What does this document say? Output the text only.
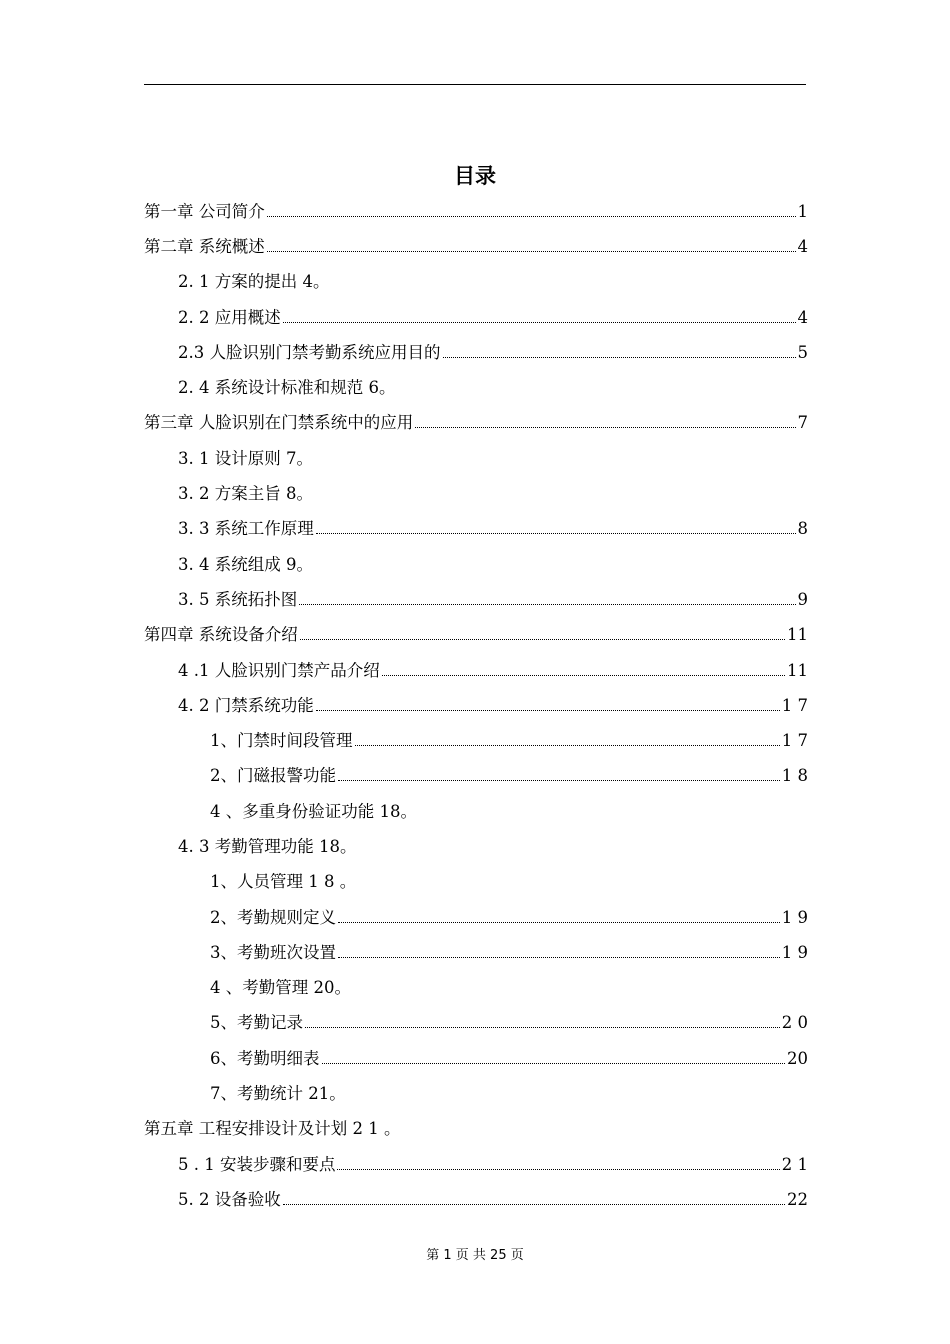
目录
第一章 公司简介	1
第二章 系统概述	4
2. 1 方案的提出 4。
2. 2 应用概述	4
2.3 人脸识别门禁考勤系统应用目的	5
2. 4 系统设计标准和规范 6。
第三章 人脸识别在门禁系统中的应用	7
3. 1 设计原则 7。
3. 2 方案主旨 8。
3. 3 系统工作原理	8
3. 4 系统组成 9。
3. 5 系统拓扑图	9
第四章 系统设备介绍	11
4 .1 人脸识别门禁产品介绍	11
4. 2 门禁系统功能	1 7
1、门禁时间段管理	1 7
2、门磁报警功能	1 8
4 、多重身份验证功能 18。
4. 3 考勤管理功能 18。
1、人员管理 1 8 。
2、考勤规则定义	1 9
3、考勤班次设置	1 9
4 、考勤管理 20。
5、考勤记录	2 0
6、考勤明细表	20
7、考勤统计 21。
第五章 工程安排设计及计划 2 1 。
5 . 1 安装步骤和要点	2 1
5. 2 设备验收	22
第 1 页 共 25 页
